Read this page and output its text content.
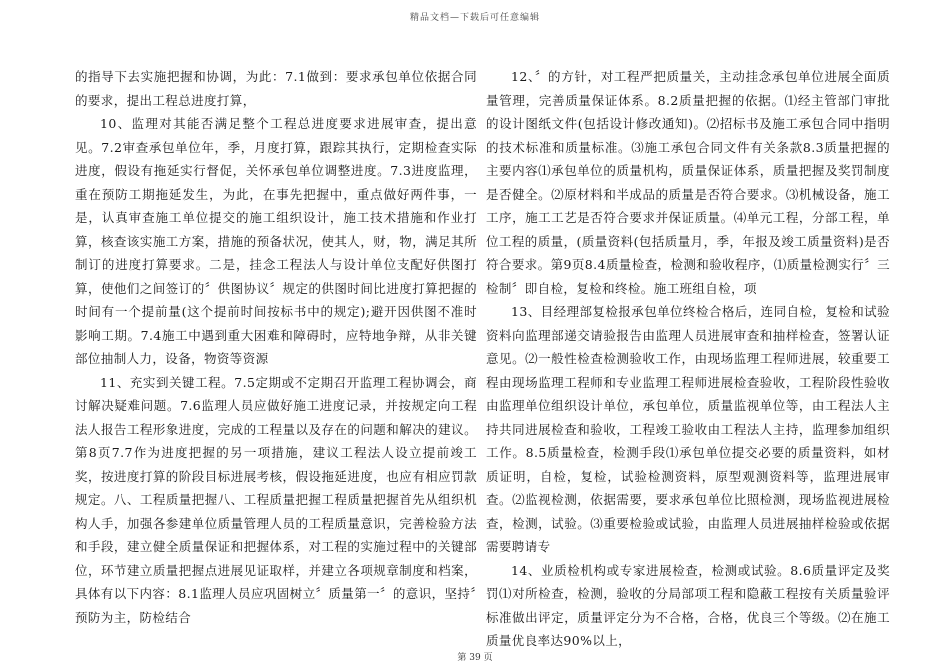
精品文档—下载后可任意编辑

的指导下去实施把握和协调，为此：7.1做到：要求承包单位依据合同的要求，提出工程总进度打算，

10、监理对其能否满足整个工程总进度要求进展审查，提出意见。7.2审查承包单位年，季，月度打算，跟踪其执行，定期检查实际进度，假设有拖延实行督促，关怀承包单位调整进度。7.3进度监理，重在预防工期拖延发生，为此，在事先把握中，重点做好两件事，一是，认真审查施工单位提交的施工组织设计，施工技术措施和作业打算，核查该实施工方案，措施的预备状况，使其人，财，物，满足其所制订的进度打算要求。二是，挂念工程法人与设计单位支配好供图打算，使他们之间签订的〞供图协议〞规定的供图时间比进度打算把握的时间有一个提前量(这个提前时间按标书中的规定);避开因供图不准时影响工期。7.4施工中遇到重大困难和障碍时，应特地争辩，从非关键部位抽制人力，设备，物资等资源

11、充实到关键工程。7.5定期或不定期召开监理工程协调会，商讨解决疑难问题。7.6监理人员应做好施工进度记录，并按规定向工程法人报告工程形象进度，完成的工程量以及存在的问题和解决的建议。第8页7.7作为进度把握的另一项措施，建议工程法人设立提前竣工奖，按进度打算的阶段目标进展考核，假设拖延进度，也应有相应罚款规定。八、工程质量把握八、工程质量把握工程质量把握首先从组织机构人手，加强各参建单位质量管理人员的工程质量意识，完善检验方法和手段，建立健全质量保证和把握体系，对工程的实施过程中的关键部位，环节建立质量把握点进展见证取样，并建立各项规章制度和档案，具体有以下内容：8.1监理人员应巩固树立〞质量第一〞的意识，坚持〞预防为主，防检结合

12、〞的方针，对工程严把质量关，主动挂念承包单位进展全面质量管理，完善质量保证体系。8.2质量把握的依据。⑴经主管部门审批的设计图纸文件(包括设计修改通知)。⑵招标书及施工承包合同中指明的技术标准和质量标准。⑶施工承包合同文件有关条款8.3质量把握的主要内容⑴承包单位的质量机构，质量保证体系，质量把握及奖罚制度是否健全。⑵原材料和半成品的质量是否符合要求。⑶机械设备，施工工序，施工工艺是否符合要求并保证质量。⑷单元工程，分部工程，单位工程的质量，(质量资料(包括质量月，季，年报及竣工质量资料)是否符合要求。第9页8.4质量检查，检测和验收程序，⑴质量检测实行〞三检制〞即自检，复检和终检。施工班组自检，项

13、目经理部复检报承包单位终检合格后，连同自检，复检和试验资料向监理部递交请验报告由监理人员进展审查和抽样检查，签署认证意见。⑵一般性检查检测验收工作，由现场监理工程师进展，较重要工程由现场监理工程师和专业监理工程师进展检查验收，工程阶段性验收由监理单位组织设计单位，承包单位，质量监视单位等，由工程法人主持共同进展检查和验收，工程竣工验收由工程法人主持，监理参加组织工作。8.5质量检查，检测手段⑴承包单位提交必要的质量资料，如材质证明，自检，复检，试验检测资料，原型观测资料等，监理进展审查。⑵监视检测，依据需要，要求承包单位比照检测，现场监视进展检查，检测，试验。⑶重要检验或试验，由监理人员进展抽样检验或依据需要聘请专

14、业质检机构或专家进展检查，检测或试验。8.6质量评定及奖罚⑴对所检查，检测，验收的分局部项工程和隐蔽工程按有关质量验评标准做出评定，质量评定分为不合格，合格，优良三个等级。⑵在施工质量优良率达90%以上，

第 39 页
